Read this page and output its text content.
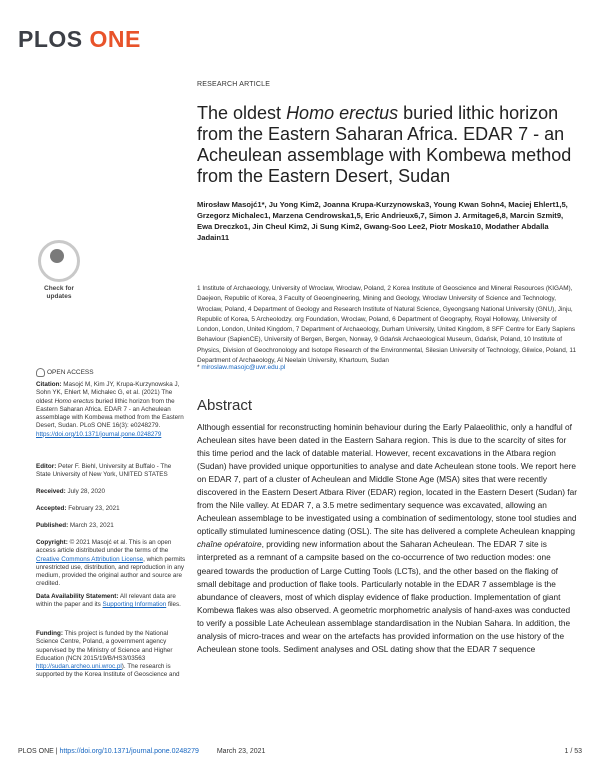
PLOS ONE
RESEARCH ARTICLE
The oldest Homo erectus buried lithic horizon from the Eastern Saharan Africa. EDAR 7 - an Acheulean assemblage with Kombewa method from the Eastern Desert, Sudan
Mirosław Masojć1*, Ju Yong Kim2, Joanna Krupa-Kurzynowska3, Young Kwan Sohn4, Maciej Ehlert1,5, Grzegorz Michalec1, Marzena Cendrowska1,5, Eric Andrieux6,7, Simon J. Armitage6,8, Marcin Szmit9, Ewa Dreczko1, Jin Cheul Kim2, Ji Sung Kim2, Gwang-Soo Lee2, Piotr Moska10, Modather Abdalla Jadain11
1 Institute of Archaeology, University of Wroclaw, Wroclaw, Poland, 2 Korea Institute of Geoscience and Mineral Resources (KIGAM), Daejeon, Republic of Korea, 3 Faculty of Geoengineering, Mining and Geology, Wroclaw University of Science and Technology, Wroclaw, Poland, 4 Department of Geology and Research Institute of Natural Science, Gyeongsang National University (GNU), Jinju, Republic of Korea, 5 Archeolodzy. org Foundation, Wroclaw, Poland, 6 Department of Geography, Royal Holloway, University of London, London, United Kingdom, 7 Department of Archaeology, Durham University, United Kingdom, 8 SFF Centre for Early Sapiens Behaviour (SapienCE), University of Bergen, Bergen, Norway, 9 Gdańsk Archaeological Museum, Gdańsk, Poland, 10 Institute of Physics, Division of Geochronology and Isotope Research of the Environmental, Silesian University of Technology, Gliwice, Poland, 11 Department of Archaeology, Al Neelain University, Khartoum, Sudan
* miroslaw.masojc@uwr.edu.pl
Abstract
Although essential for reconstructing hominin behaviour during the Early Palaeolithic, only a handful of Acheulean sites have been dated in the Eastern Sahara region. This is due to the scarcity of sites for this time period and the lack of datable material. However, recent excavations in the Atbara region (Sudan) have provided unique opportunities to analyse and date Acheulean stone tools. We report here on EDAR 7, part of a cluster of Acheulean and Middle Stone Age (MSA) sites that were recently discovered in the Eastern Desert Atbara River (EDAR) region, located in the Eastern Desert (Sudan) far from the Nile valley. At EDAR 7, a 3.5 metre sedimentary sequence was excavated, allowing an Acheulean assemblage to be investigated using a combination of sedimentology, stone tool studies and optically stimulated luminescence dating (OSL). The site has delivered a complete Acheulean knapping chaîne opératoire, providing new information about the Saharan Acheulean. The EDAR 7 site is interpreted as a remnant of a campsite based on the co-occurrence of two reduction modes: one geared towards the production of Large Cutting Tools (LCTs), and the other based on the flaking of small debitage and production of flake tools. Particularly notable in the EDAR 7 assemblage is the abundance of cleavers, most of which display evidence of flake production. Implementation of giant Kombewa flakes was also observed. A geometric morphometric analysis of hand-axes was conducted to verify a possible Late Acheulean assemblage standardisation in the Nubian Sahara. In addition, the analysis of micro-traces and wear on the artefacts has provided information on the use history of the Acheulean stone tools. Sediment analyses and OSL dating show that the EDAR 7 sequence
Check for
updates
OPEN ACCESS
Citation: Masojć M, Kim JY, Krupa-Kurzynowska J, Sohn YK, Ehlert M, Michalec G, et al. (2021) The oldest Homo erectus buried lithic horizon from the Eastern Saharan Africa. EDAR 7 - an Acheulean assemblage with Kombewa method from the Eastern Desert, Sudan. PLoS ONE 16(3): e0248279. https://doi.org/10.1371/journal.pone.0248279
Editor: Peter F. Biehl, University at Buffalo - The State University of New York, UNITED STATES
Received: July 28, 2020
Accepted: February 23, 2021
Published: March 23, 2021
Copyright: © 2021 Masojć et al. This is an open access article distributed under the terms of the Creative Commons Attribution License, which permits unrestricted use, distribution, and reproduction in any medium, provided the original author and source are credited.
Data Availability Statement: All relevant data are within the paper and its Supporting Information files.
Funding: This project is funded by the National Science Centre, Poland, a government agency supervised by the Ministry of Science and Higher Education (NCN 2015/19/B/HS3/03563 http://sudan.archeo.uni.wroc.pl). The research is supported by the Korea Institute of Geoscience and
PLOS ONE | https://doi.org/10.1371/journal.pone.0248279	March 23, 2021	1 / 53
